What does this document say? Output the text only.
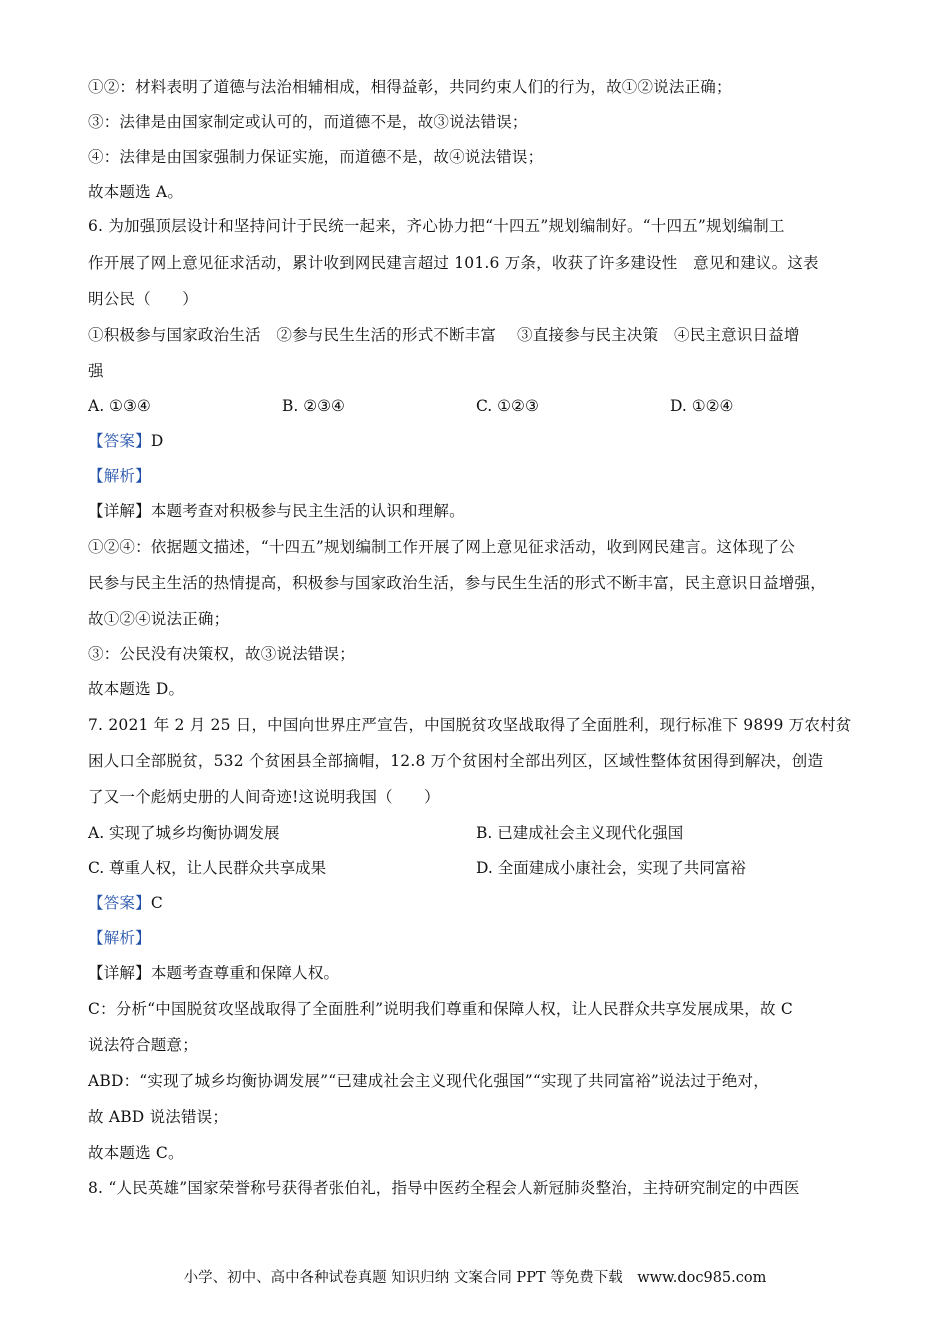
①②：材料表明了道德与法治相辅相成，相得益彰，共同约束人们的行为，故①②说法正确；
③：法律是由国家制定或认可的，而道德不是，故③说法错误；
④：法律是由国家强制力保证实施，而道德不是，故④说法错误；
故本题选 A。
6. 为加强顶层设计和坚持问计于民统一起来，齐心协力把“十四五”规划编制好。“十四五”规划编制工
作开展了网上意见征求活动，累计收到网民建言超过 101.6 万条，收获了许多建设性　意见和建议。这表
明公民（　　）
①积极参与国家政治生活　②参与民生生活的形式不断丰富　 ③直接参与民主决策　④民主意识日益增
强
A. ①③④	B. ②③④	C. ①②③	D. ①②④
【答案】D
【解析】
【详解】本题考查对积极参与民主生活的认识和理解。
①②④：依据题文描述，“十四五”规划编制工作开展了网上意见征求活动，收到网民建言。这体现了公
民参与民主生活的热情提高，积极参与国家政治生活，参与民生生活的形式不断丰富，民主意识日益增强，
故①②④说法正确；
③：公民没有决策权，故③说法错误；
故本题选 D。
7. 2021 年 2 月 25 日，中国向世界庄严宣告，中国脱贫攻坚战取得了全面胜利，现行标准下 9899 万农村贫
困人口全部脱贫，532 个贫困县全部摘帽，12.8 万个贫困村全部出列区，区域性整体贫困得到解决，创造
了又一个彪炳史册的人间奇迹!这说明我国（　　）
A. 实现了城乡均衡协调发展	B. 已建成社会主义现代化强国
C. 尊重人权，让人民群众共享成果	D. 全面建成小康社会，实现了共同富裕
【答案】C
【解析】
【详解】本题考查尊重和保障人权。
C：分析“中国脱贫攻坚战取得了全面胜利”说明我们尊重和保障人权，让人民群众共享发展成果，故 C
说法符合题意；
ABD：“实现了城乡均衡协调发展”“已建成社会主义现代化强国”“实现了共同富裕”说法过于绝对，
故 ABD 说法错误；
故本题选 C。
8. “人民英雄”国家荣誉称号获得者张伯礼，指导中医药全程会人新冠肺炎整治，主持研究制定的中西医
小学、初中、高中各种试卷真题 知识归纳 文案合同 PPT 等免费下载　www.doc985.com
